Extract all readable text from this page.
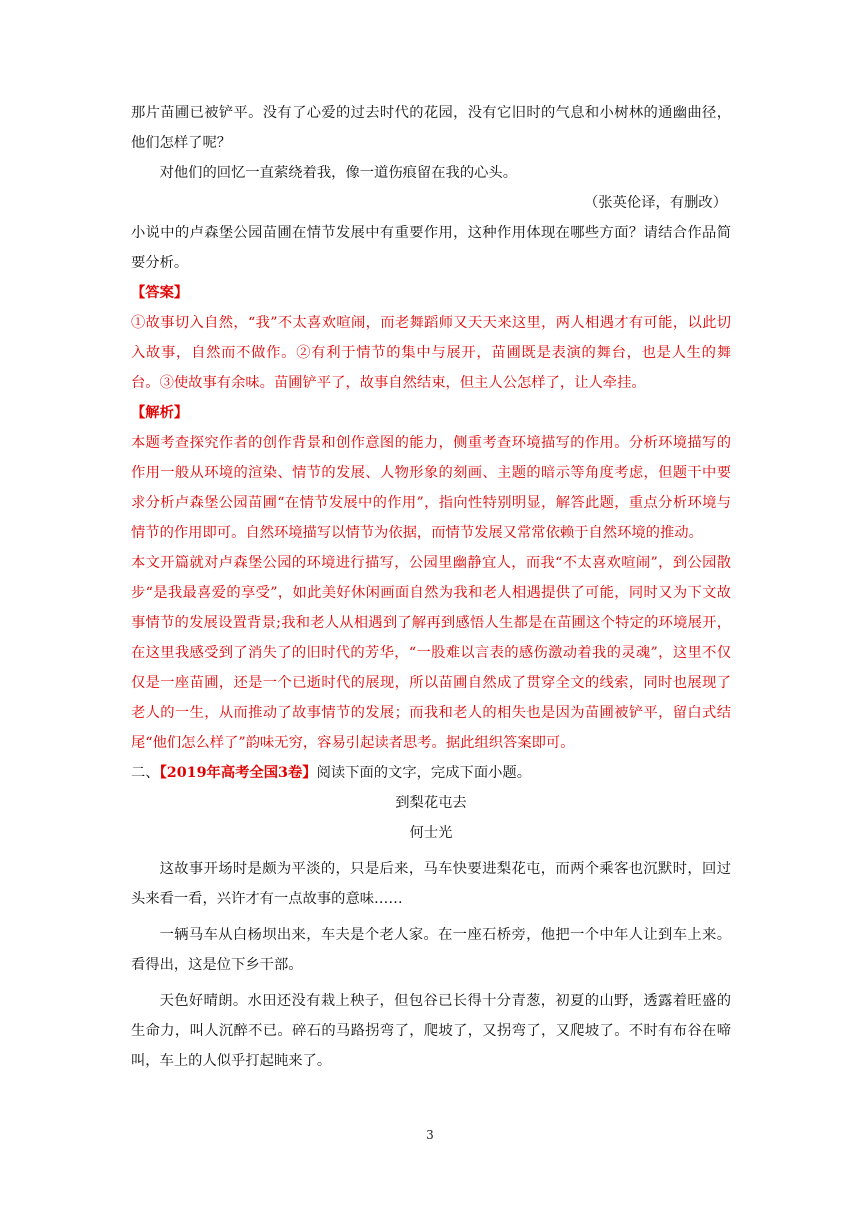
那片苗圃已被铲平。没有了心爱的过去时代的花园，没有它旧时的气息和小树林的通幽曲径，他们怎样了呢？

对他们的回忆一直萦绕着我，像一道伤痕留在我的心头。

（张英伦译，有删改）

小说中的卢森堡公园苗圃在情节发展中有重要作用，这种作用体现在哪些方面？请结合作品简要分析。

【答案】

①故事切入自然，“我”不太喜欢喧闹，而老舞蹈师又天天来这里，两人相遇才有可能，以此切入故事，自然而不做作。②有利于情节的集中与展开，苗圃既是表演的舞台，也是人生的舞台。③使故事有余味。苗圃铲平了，故事自然结束，但主人公怎样了，让人牵挂。

【解析】

本题考查探究作者的创作背景和创作意图的能力，侧重考查环境描写的作用。分析环境描写的作用一般从环境的渲染、情节的发展、人物形象的刻画、主题的暗示等角度考虑，但题干中要求分析卢森堡公园苗圃“在情节发展中的作用”，指向性特别明显，解答此题，重点分析环境与情节的作用即可。自然环境描写以情节为依据，而情节发展又常常依赖于自然环境的推动。

本文开篇就对卢森堡公园的环境进行描写，公园里幽静宜人，而我“不太喜欢喧闹”，到公园散步“是我最喜爱的享受”，如此美好休闲画面自然为我和老人相遇提供了可能，同时又为下文故事情节的发展设置背景;我和老人从相遇到了解再到感悟人生都是在苗圃这个特定的环境展开，在这里我感受到了消失了的旧时代的芳华，“一股难以言表的感伤激动着我的灵魂”，这里不仅仅是一座苗圃，还是一个已逝时代的展现，所以苗圃自然成了贯穿全文的线索，同时也展现了老人的一生，从而推动了故事情节的发展；而我和老人的相失也是因为苗圃被铲平，留白式结尾“他们怎么样了”韵味无穷，容易引起读者思考。据此组织答案即可。

二、【2019年高考全国3卷】阅读下面的文字，完成下面小题。

到梨花屯去

何士光

这故事开场时是颇为平淡的，只是后来，马车快要进梨花屯，而两个乘客也沉默时，回过头来看一看，兴许才有一点故事的意味……

一辆马车从白杨坝出来，车夫是个老人家。在一座石桥旁，他把一个中年人让到车上来。看得出，这是位下乡干部。

天色好晴朗。水田还没有栽上秧子，但包谷已长得十分青葱，初夏的山野，透露着旺盛的生命力，叫人沉醉不已。碎石的马路拐弯了，爬坡了，又拐弯了，又爬坡了。不时有布谷在啼叫，车上的人似乎打起盹来了。

3
